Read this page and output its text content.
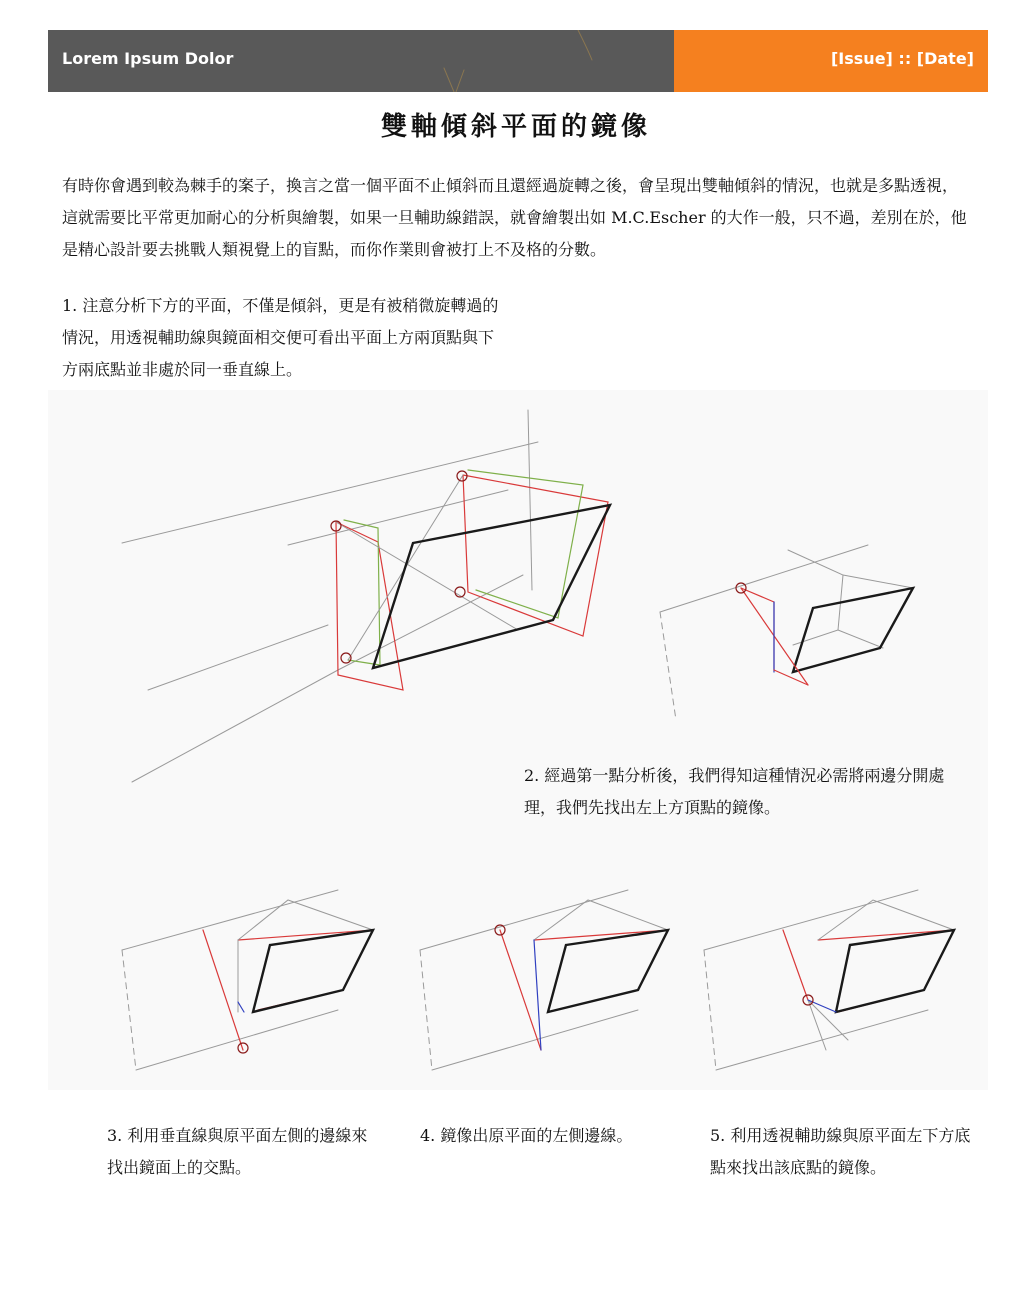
Lorem Ipsum Dolor	[Issue] :: [Date]
雙軸傾斜平面的鏡像
有時你會遇到較為棘手的案子，換言之當一個平面不止傾斜而且還經過旋轉之後，會呈現出雙軸傾斜的情況，也就是多點透視，這就需要比平常更加耐心的分析與繪製，如果一旦輔助線錯誤，就會繪製出如 M.C.Escher 的大作一般，只不過，差別在於，他是精心設計要去挑戰人類視覺上的盲點，而你作業則會被打上不及格的分數。
1. 注意分析下方的平面，不僅是傾斜，更是有被稍微旋轉過的情況，用透視輔助線與鏡面相交便可看出平面上方兩頂點與下方兩底點並非處於同一垂直線上。
2. 經過第一點分析後，我們得知這種情況必需將兩邊分開處理，我們先找出左上方頂點的鏡像。
3. 利用垂直線與原平面左側的邊線來找出鏡面上的交點。
4. 鏡像出原平面的左側邊線。	5. 利用透視輔助線與原平面左下方底點來找出該底點的鏡像。
